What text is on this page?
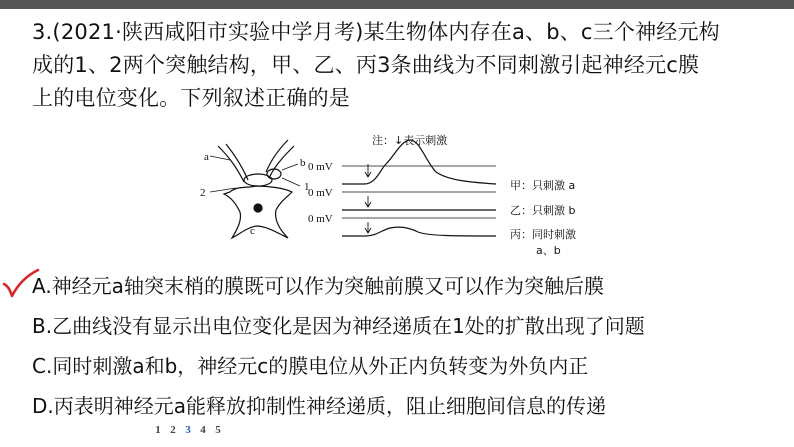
3.(2021·陕西咸阳市实验中学月考)某生物体内存在a、b、c三个神经元构

成的1、2两个突触结构，甲、乙、丙3条曲线为不同刺激引起神经元c膜

上的电位变化。下列叙述正确的是

a	b
c
1
2
注：↓表示刺激
0 mV
甲：只刺激 a
0 mV
乙：只刺激 b
0 mV
丙：同时刺激
a、b
A.神经元a轴突末梢的膜既可以作为突触前膜又可以作为突触后膜
B.乙曲线没有显示出电位变化是因为神经递质在1处的扩散出现了问题
C.同时刺激a和b，神经元c的膜电位从外正内负转变为外负内正
D.丙表明神经元a能释放抑制性神经递质，阻止细胞间信息的传递
1 2 3 4 5
